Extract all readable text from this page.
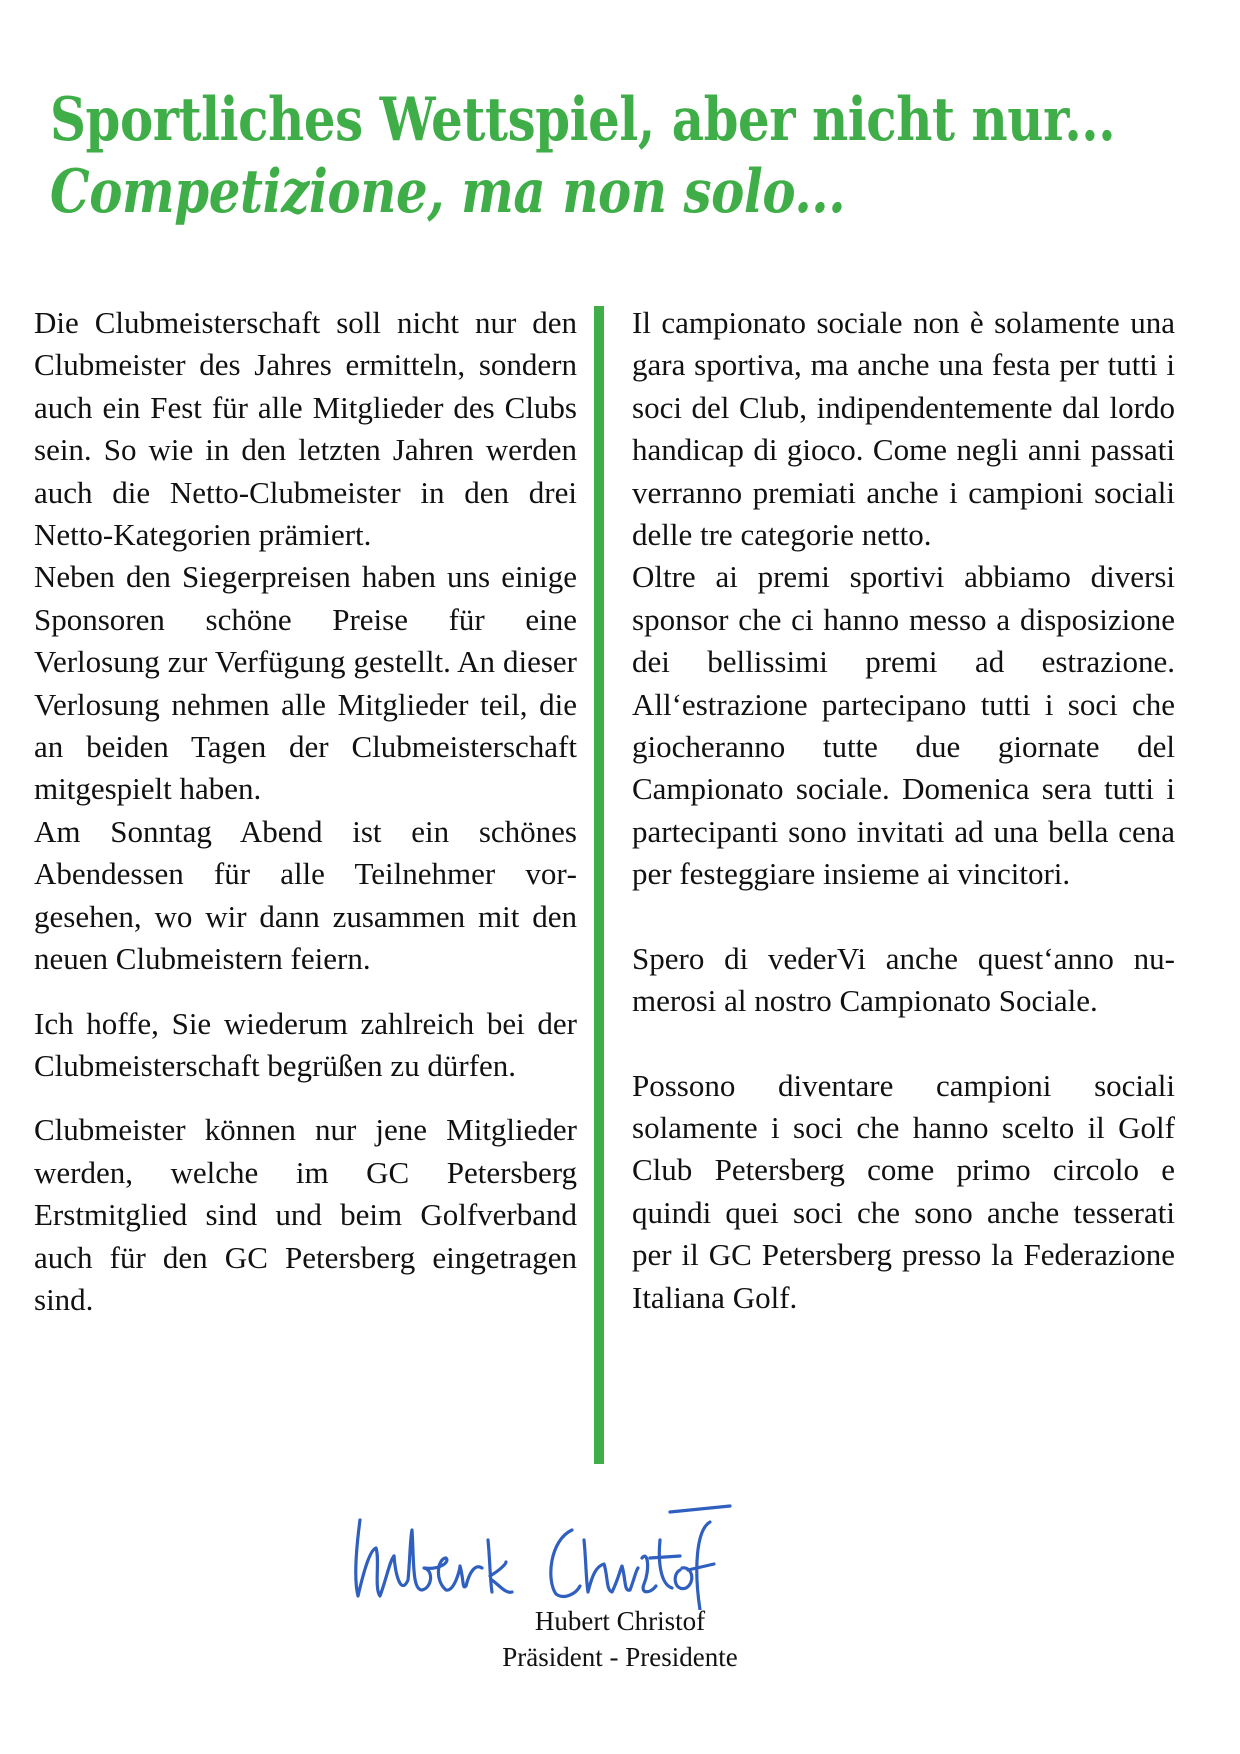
Sportliches Wettspiel, aber nicht nur...
Competizione, ma non solo...

Die Clubmeisterschaft soll nicht nur den Clubmeister des Jahres ermitteln, sondern auch ein Fest für alle Mitglieder des Clubs sein. So wie in den letzten Jahren werden auch die Netto-Clubmeister in den drei Netto-Kategorien prämiert.

Neben den Siegerpreisen haben uns einige Sponsoren schöne Preise für eine Verlosung zur Verfügung gestellt. An dieser Verlosung nehmen alle Mitglieder teil, die an beiden Tagen der Clubmeisterschaft mitgespielt haben.

Am Sonntag Abend ist ein schönes Abendessen für alle Teilnehmer vorgesehen, wo wir dann zusammen mit den neuen Clubmeistern feiern.

Ich hoffe, Sie wiederum zahlreich bei der Clubmeisterschaft begrüßen zu dürfen.

Clubmeister können nur jene Mitglieder werden, welche im GC Petersberg Erstmitglied sind und beim Golfverband auch für den GC Petersberg eingetragen sind.

Il campionato sociale non è solamente una gara sportiva, ma anche una festa per tutti i soci del Club, indipendentemente dal lordo handicap di gioco. Come negli anni passati verranno premiati anche i campioni sociali delle tre categorie netto.

Oltre ai premi sportivi abbiamo diversi sponsor che ci hanno messo a disposizione dei bellissimi premi ad estrazione. All‘estrazione partecipano tutti i soci che giocheranno tutte due giornate del Campionato sociale. Domenica sera tutti i partecipanti sono invitati ad una bella cena per festeggiare insieme ai vincitori.

Spero di vederVi anche quest‘anno numerosi al nostro Campionato Sociale.

Possono diventare campioni sociali solamente i soci che hanno scelto il Golf Club Petersberg come primo circolo e quindi quei soci che sono anche tesserati per il GC Petersberg presso la Federazione Italiana Golf.

Hubert Christof
Präsident - Presidente
